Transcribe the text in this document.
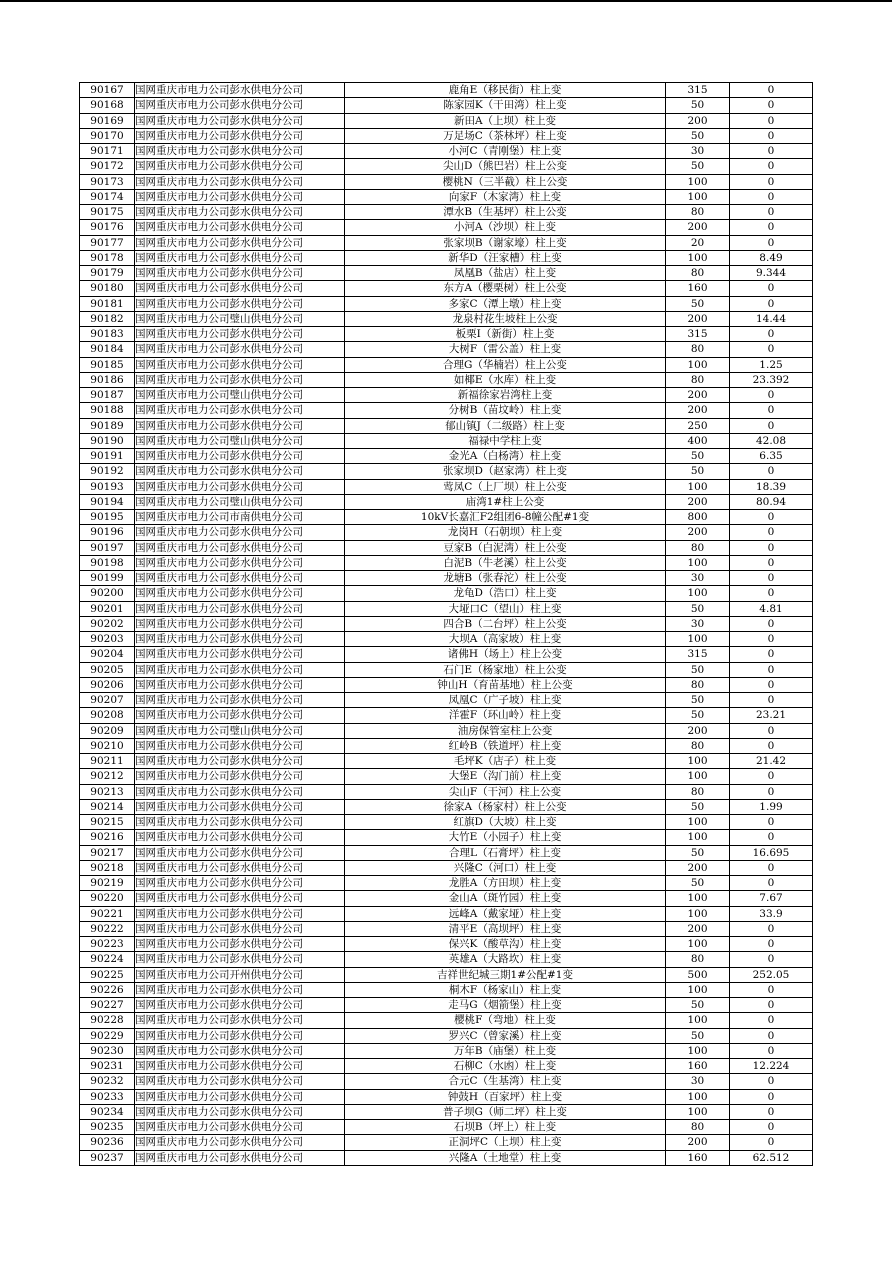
90167	国网重庆市电力公司彭水供电分公司	鹿角E（移民街）柱上变	315	0
90168	国网重庆市电力公司彭水供电分公司	陈家园K（干田湾）柱上变	50	0
90169	国网重庆市电力公司彭水供电分公司	新田A（上坝）柱上变	200	0
90170	国网重庆市电力公司彭水供电分公司	万足场C（茶林坪）柱上变	50	0
90171	国网重庆市电力公司彭水供电分公司	小河C（青刚堡）柱上变	30	0
90172	国网重庆市电力公司彭水供电分公司	尖山D（熊巴岩）柱上公变	50	0
90173	国网重庆市电力公司彭水供电分公司	樱桃N（三半截）柱上公变	100	0
90174	国网重庆市电力公司彭水供电分公司	向家F（木家湾）柱上变	100	0
90175	国网重庆市电力公司彭水供电分公司	潭水B（生基坪）柱上公变	80	0
90176	国网重庆市电力公司彭水供电分公司	小河A（沙坝）柱上变	200	0
90177	国网重庆市电力公司彭水供电分公司	张家坝B（谢家壕）柱上变	20	0
90178	国网重庆市电力公司彭水供电分公司	新华D（汪家槽）柱上变	100	8.49
90179	国网重庆市电力公司彭水供电分公司	凤凰B（盐店）柱上变	80	9.344
90180	国网重庆市电力公司彭水供电分公司	东方A（樱栗树）柱上公变	160	0
90181	国网重庆市电力公司彭水供电分公司	多家C（潭上墩）柱上变	50	0
90182	国网重庆市电力公司璧山供电分公司	龙泉村花生坡柱上公变	200	14.44
90183	国网重庆市电力公司彭水供电分公司	板栗I（新街）柱上变	315	0
90184	国网重庆市电力公司彭水供电分公司	大树F（雷公盖）柱上变	80	0
90185	国网重庆市电力公司彭水供电分公司	合理G（华楠岩）柱上公变	100	1.25
90186	国网重庆市电力公司彭水供电分公司	如椰E（水库）柱上变	80	23.392
90187	国网重庆市电力公司璧山供电分公司	新福徐家岩湾柱上变	200	0
90188	国网重庆市电力公司彭水供电分公司	分树B（苗坟岭）柱上变	200	0
90189	国网重庆市电力公司彭水供电分公司	郁山镇J（二级路）柱上变	250	0
90190	国网重庆市电力公司璧山供电分公司	福禄中学柱上变	400	42.08
90191	国网重庆市电力公司彭水供电分公司	金光A（白杨湾）柱上变	50	6.35
90192	国网重庆市电力公司彭水供电分公司	张家坝D（赵家湾）柱上变	50	0
90193	国网重庆市电力公司彭水供电分公司	莺凤C（上厂坝）柱上公变	100	18.39
90194	国网重庆市电力公司璧山供电分公司	庙湾1#柱上公变	200	80.94
90195	国网重庆市电力公司市南供电分公司	10kV长嘉汇F2组团6-8幢公配#1变	800	0
90196	国网重庆市电力公司彭水供电分公司	龙岗H（石朝坝）柱上变	200	0
90197	国网重庆市电力公司彭水供电分公司	豆家B（白泥湾）柱上公变	80	0
90198	国网重庆市电力公司彭水供电分公司	白泥B（牛老溪）柱上公变	100	0
90199	国网重庆市电力公司彭水供电分公司	龙塘B（张春沱）柱上公变	30	0
90200	国网重庆市电力公司彭水供电分公司	龙龟D（浩口）柱上变	100	0
90201	国网重庆市电力公司彭水供电分公司	大垭口C（望山）柱上变	50	4.81
90202	国网重庆市电力公司彭水供电分公司	四合B（二台坪）柱上公变	30	0
90203	国网重庆市电力公司彭水供电分公司	大坝A（高家坡）柱上变	100	0
90204	国网重庆市电力公司彭水供电分公司	诸佛H（场上）柱上公变	315	0
90205	国网重庆市电力公司彭水供电分公司	石门E（杨家地）柱上公变	50	0
90206	国网重庆市电力公司彭水供电分公司	钟山H（育苗基地）柱上公变	80	0
90207	国网重庆市电力公司彭水供电分公司	凤凰C（广子坡）柱上变	50	0
90208	国网重庆市电力公司彭水供电分公司	洋霍F（环山岭）柱上变	50	23.21
90209	国网重庆市电力公司璧山供电分公司	油房保管室柱上公变	200	0
90210	国网重庆市电力公司彭水供电分公司	红岭B（铁道坪）柱上变	80	0
90211	国网重庆市电力公司彭水供电分公司	毛坪K（店子）柱上变	100	21.42
90212	国网重庆市电力公司彭水供电分公司	大堡E（沟门前）柱上变	100	0
90213	国网重庆市电力公司彭水供电分公司	尖山F（干河）柱上公变	80	0
90214	国网重庆市电力公司彭水供电分公司	徐家A（杨家村）柱上公变	50	1.99
90215	国网重庆市电力公司彭水供电分公司	红旗D（大坡）柱上变	100	0
90216	国网重庆市电力公司彭水供电分公司	大竹E（小园子）柱上变	100	0
90217	国网重庆市电力公司彭水供电分公司	合理L（石膏坪）柱上变	50	16.695
90218	国网重庆市电力公司彭水供电分公司	兴隆C（河口）柱上变	200	0
90219	国网重庆市电力公司彭水供电分公司	龙胜A（方田坝）柱上变	50	0
90220	国网重庆市电力公司彭水供电分公司	金山A（斑竹园）柱上变	100	7.67
90221	国网重庆市电力公司彭水供电分公司	远峰A（戴家垭）柱上变	100	33.9
90222	国网重庆市电力公司彭水供电分公司	清平E（高坝坪）柱上变	200	0
90223	国网重庆市电力公司彭水供电分公司	保兴K（酸草沟）柱上变	100	0
90224	国网重庆市电力公司彭水供电分公司	英雄A（大路坎）柱上变	80	0
90225	国网重庆市电力公司开州供电分公司	吉祥世纪城三期1#公配#1变	500	252.05
90226	国网重庆市电力公司彭水供电分公司	桐木F（杨家山）柱上变	100	0
90227	国网重庆市电力公司彭水供电分公司	走马G（烟箭堡）柱上变	50	0
90228	国网重庆市电力公司彭水供电分公司	樱桃F（弯地）柱上变	100	0
90229	国网重庆市电力公司彭水供电分公司	罗兴C（曾家溪）柱上变	50	0
90230	国网重庆市电力公司彭水供电分公司	万年B（庙堡）柱上变	100	0
90231	国网重庆市电力公司彭水供电分公司	石柳C（水凼）柱上变	160	12.224
90232	国网重庆市电力公司彭水供电分公司	合元C（生基湾）柱上变	30	0
90233	国网重庆市电力公司彭水供电分公司	钟鼓H（百家坪）柱上变	100	0
90234	国网重庆市电力公司彭水供电分公司	普子坝G（师二坪）柱上变	100	0
90235	国网重庆市电力公司彭水供电分公司	石坝B（坪上）柱上变	80	0
90236	国网重庆市电力公司彭水供电分公司	正洞坪C（上坝）柱上变	200	0
90237	国网重庆市电力公司彭水供电分公司	兴隆A（土地堂）柱上变	160	62.512
